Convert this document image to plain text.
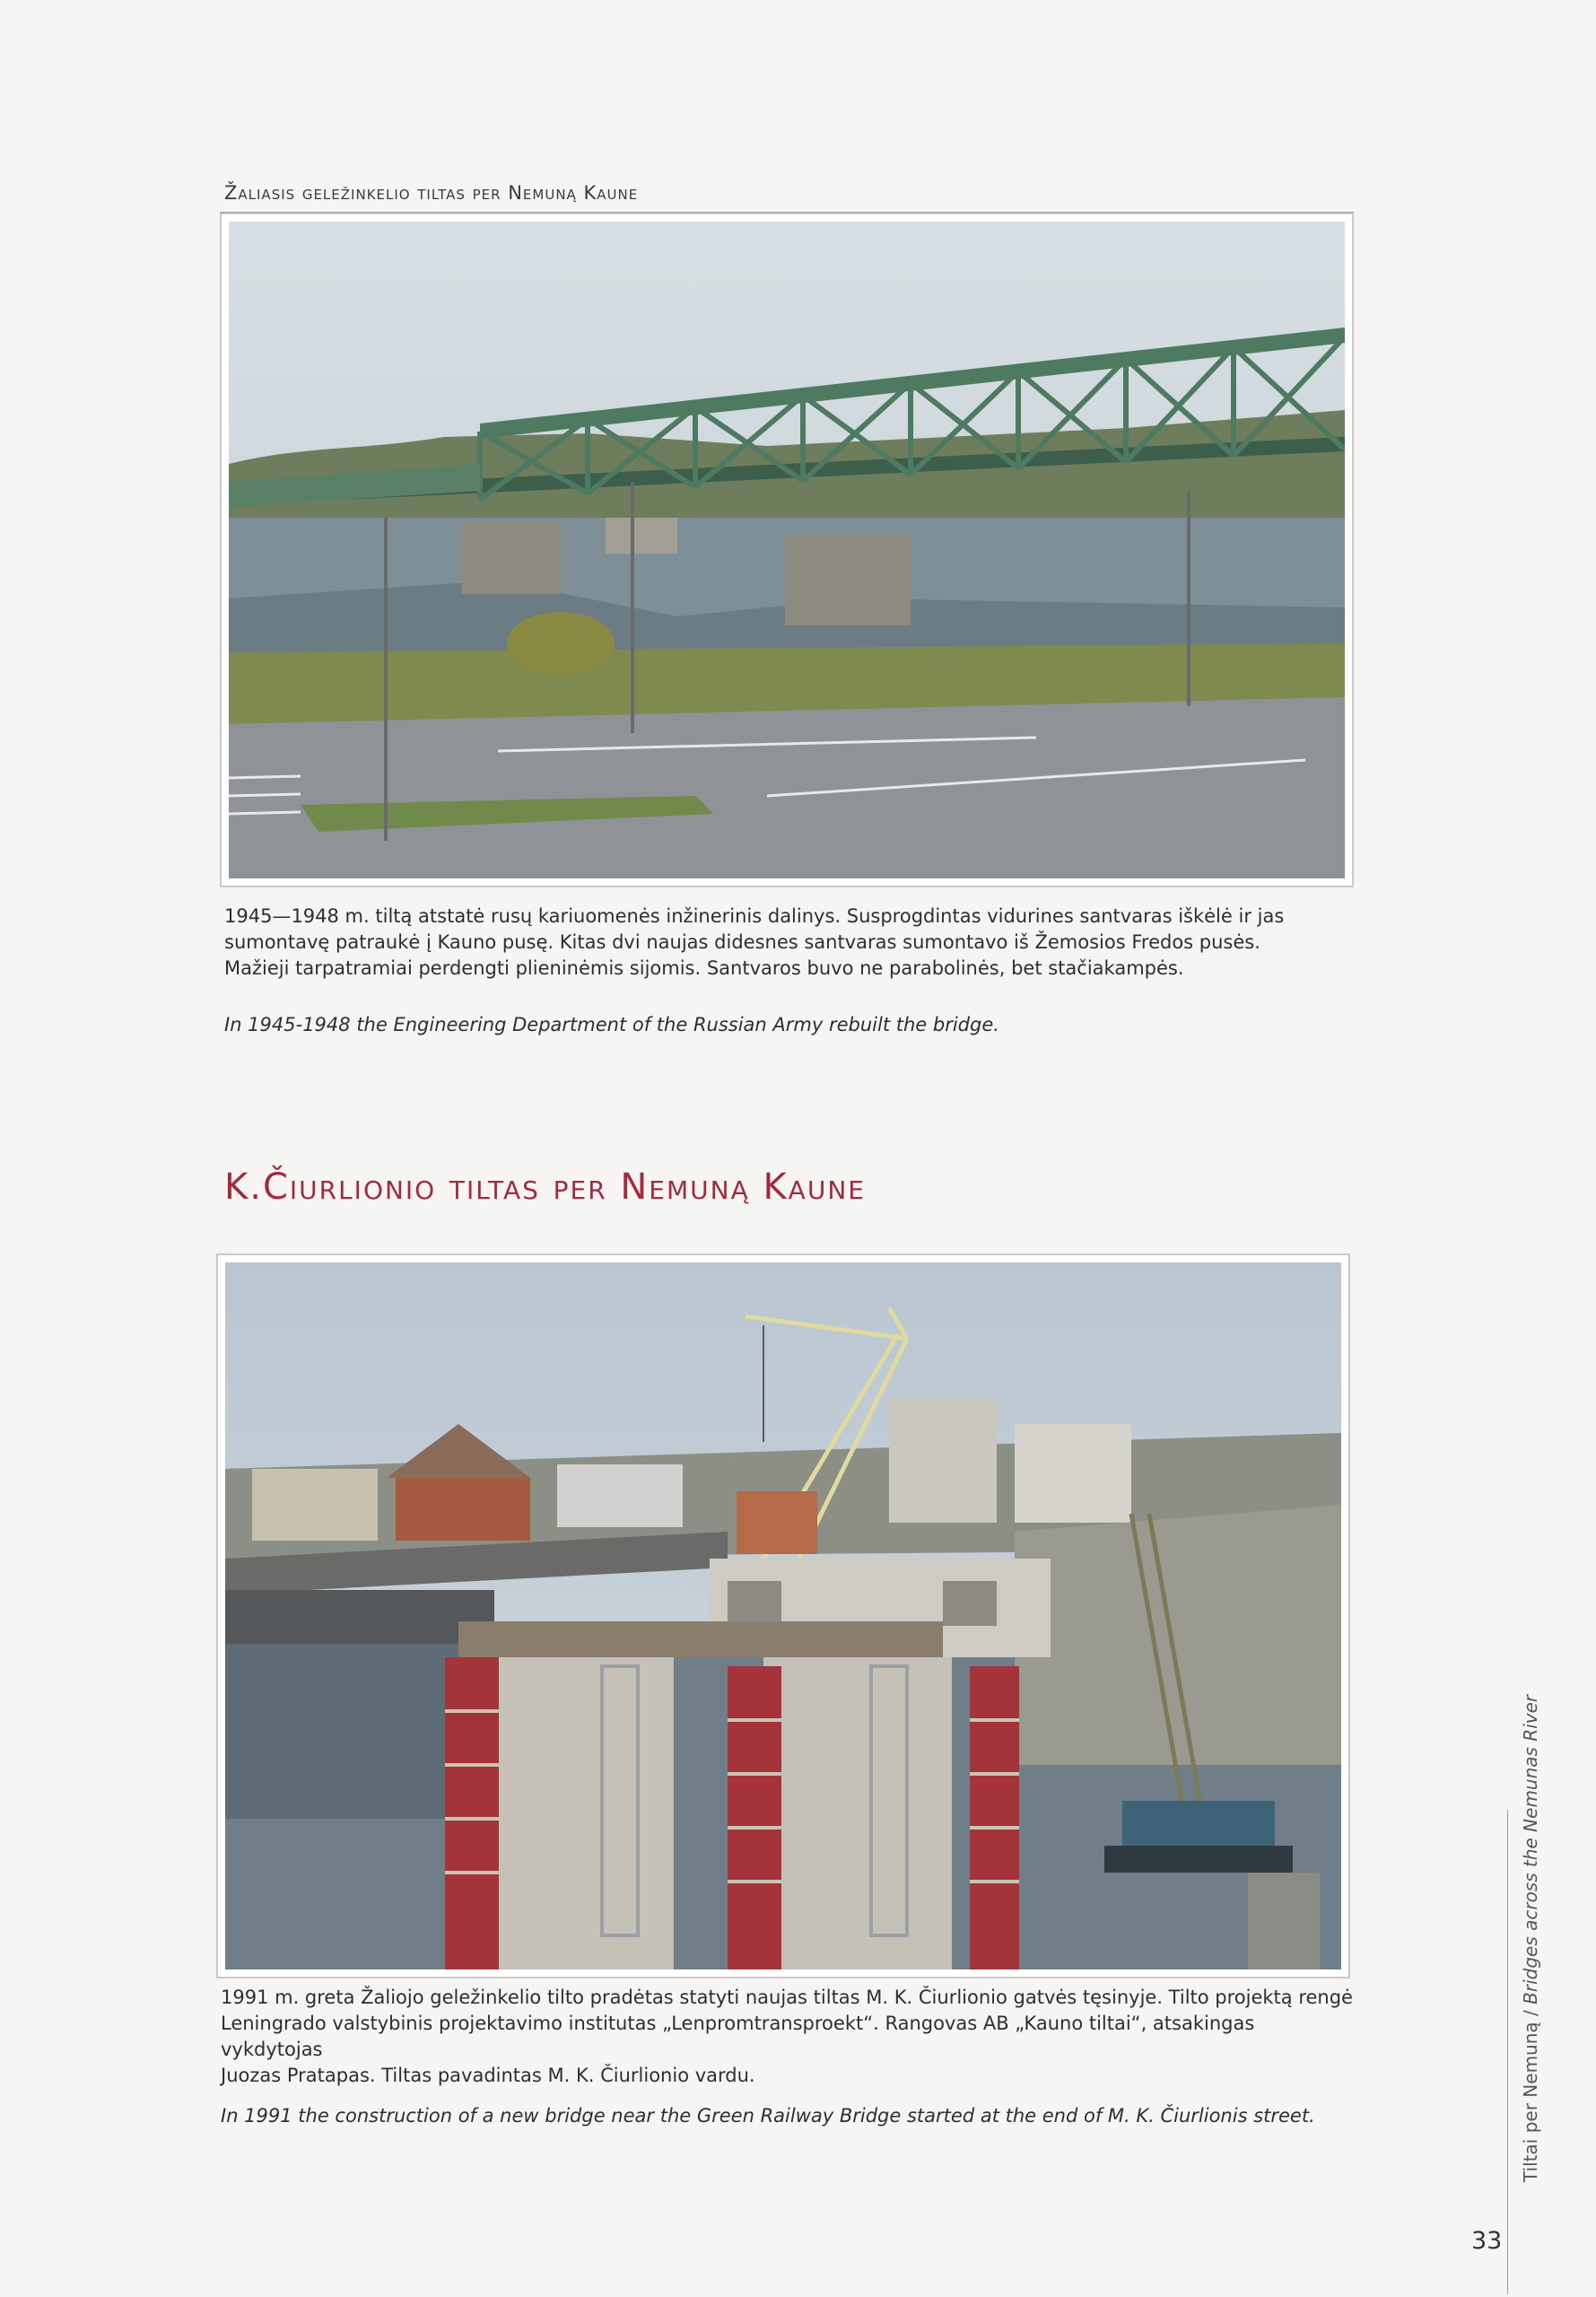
Žaliasis geležinkelio tiltas per Nemuną Kaune
1945—1948 m. tiltą atstatė rusų kariuomenės inžinerinis dalinys. Susprogdintas vidurines santvaras iškėlė ir jas
sumontavę patraukė į Kauno pusę. Kitas dvi naujas didesnes santvaras sumontavo iš Žemosios Fredos pusės.
Mažieji tarpatramiai perdengti plieninėmis sijomis. Santvaros buvo ne parabolinės, bet stačiakampės.
In 1945-1948 the Engineering Department of the Russian Army rebuilt the bridge.
K.Čiurlionio tiltas per Nemuną Kaune
1991 m. greta Žaliojo geležinkelio tilto pradėtas statyti naujas tiltas M. K. Čiurlionio gatvės tęsinyje. Tilto projektą rengė
Leningrado valstybinis projektavimo institutas „Lenpromtransproekt“. Rangovas AB „Kauno tiltai“, atsakingas vykdytojas
Juozas Pratapas. Tiltas pavadintas M. K. Čiurlionio vardu.
In 1991 the construction of a new bridge near the Green Railway Bridge started at the end of M. K. Čiurlionis street.	Tiltai per Nemuną / Bridges across the Nemunas River
33
